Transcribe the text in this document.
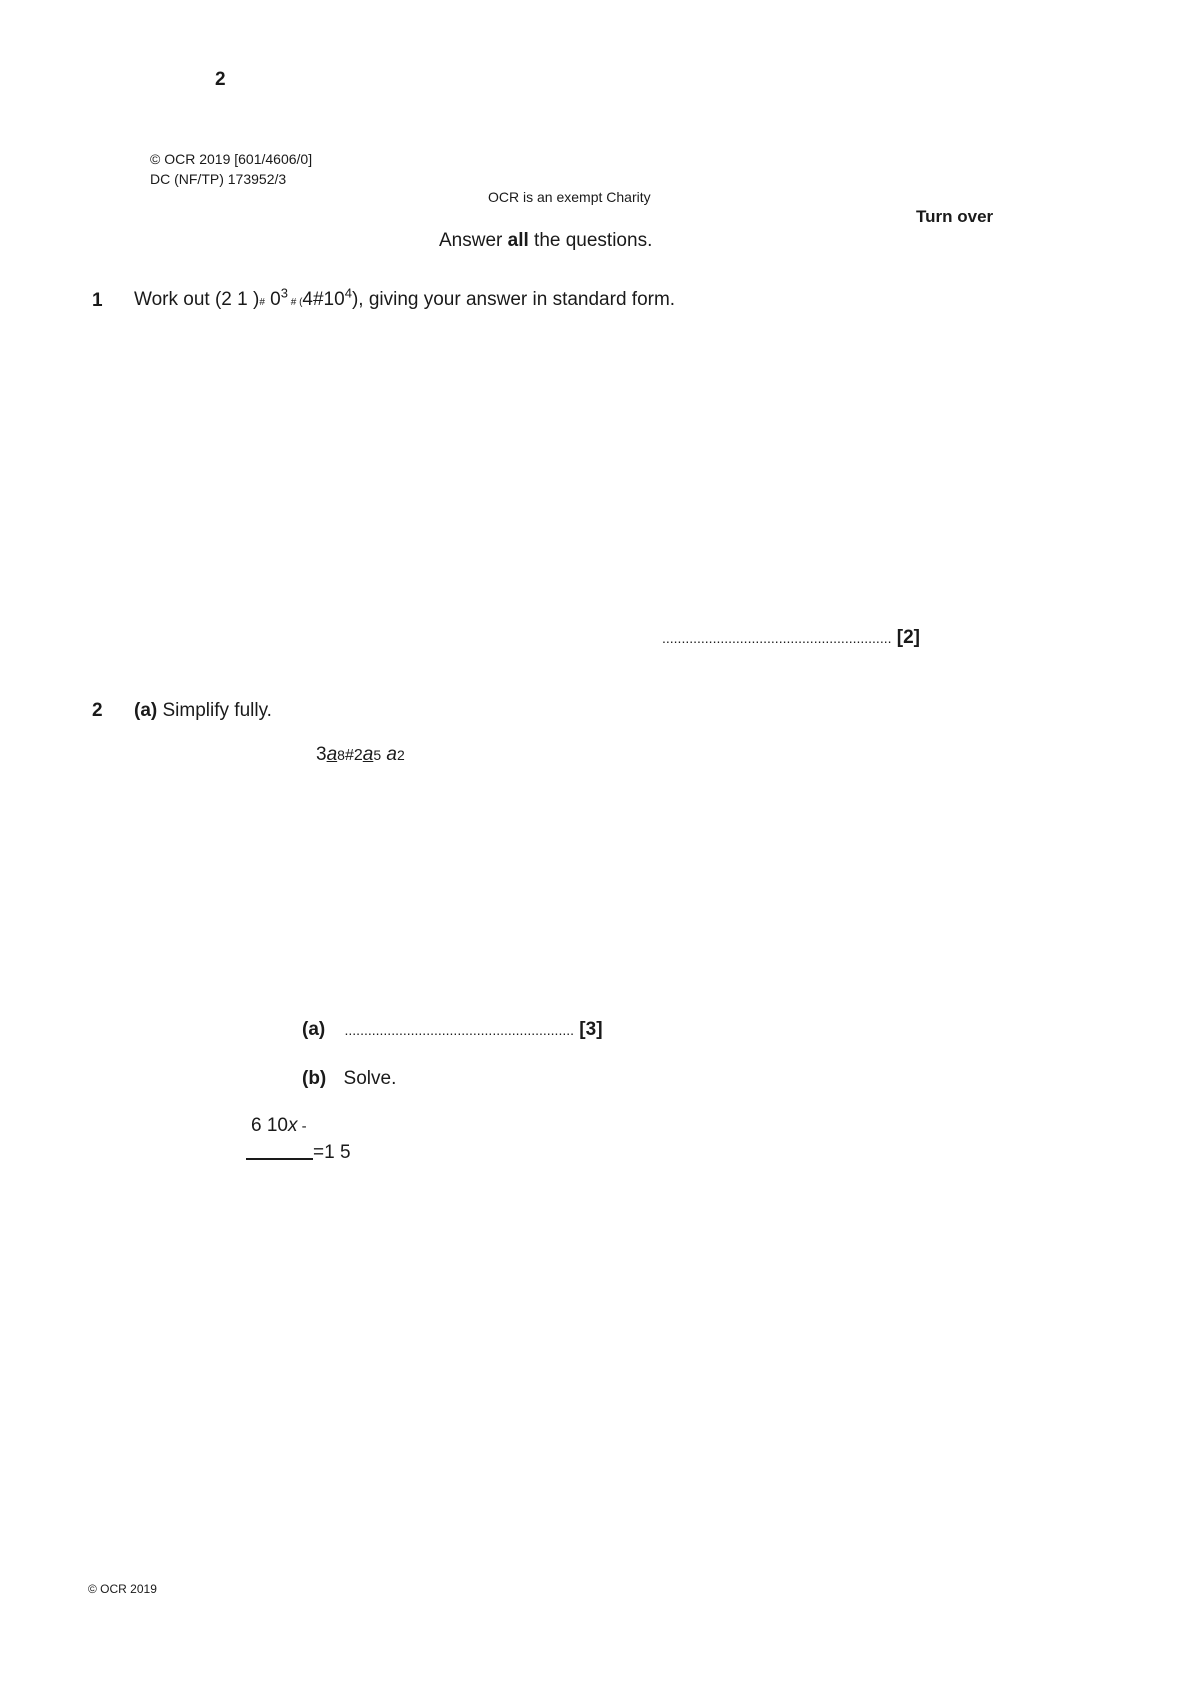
2
© OCR 2019 [601/4606/0]
DC (NF/TP) 173952/3
OCR is an exempt Charity
Turn over
Answer all the questions.
1 Work out (2 1 )# $0^3$ # $(4\#10^4)$, giving your answer in standard form.
........................................................... [2]
2 (a) Simplify fully.
3a8#2a5 a2
(a) ........................................................... [3]
(b) Solve.
6 10x -
=1 5
© OCR 2019
